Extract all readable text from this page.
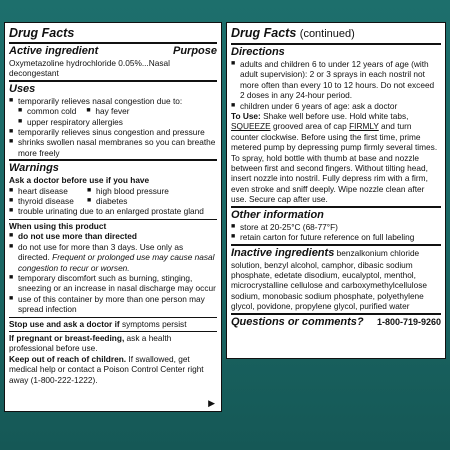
Drug Facts
Active ingredient	Purpose
Oxymetazoline hydrochloride 0.05%...Nasal decongestant
Uses
■ temporarily relieves nasal congestion due to:
■ common cold	■ hay fever
■ upper respiratory allergies
■ temporarily relieves sinus congestion and pressure
■ shrinks swollen nasal membranes so you can breathe more freely
Warnings
Ask a doctor before use if you have
■ heart disease	■ high blood pressure
■ thyroid disease	■ diabetes
■ trouble urinating due to an enlarged prostate gland
When using this product
■ do not use more than directed
■ do not use for more than 3 days. Use only as directed. Frequent or prolonged use may cause nasal congestion to recur or worsen.
■ temporary discomfort such as burning, stinging, sneezing or an increase in nasal discharge may occur
■ use of this container by more than one person may spread infection
Stop use and ask a doctor if symptoms persist
If pregnant or breast-feeding, ask a health professional before use.
Keep out of reach of children. If swallowed, get medical help or contact a Poison Control Center right away (1-800-222-1222).
▶
Drug Facts (continued)
Directions
■ adults and children 6 to under 12 years of age (with adult supervision): 2 or 3 sprays in each nostril not more often than every 10 to 12 hours. Do not exceed 2 doses in any 24-hour period.
■ children under 6 years of age: ask a doctor
To Use: Shake well before use. Hold white tabs, SQUEEZE grooved area of cap FIRMLY and turn counter clockwise. Before using the first time, prime metered pump by depressing pump firmly several times. To spray, hold bottle with thumb at base and nozzle between first and second fingers. Without tilting head, insert nozzle into nostril. Fully depress rim with a firm, even stroke and sniff deeply. Wipe nozzle clean after use. Secure cap after use.
Other information
■ store at 20-25°C (68-77°F)
■ retain carton for future reference on full labeling
Inactive ingredients benzalkonium chloride solution, benzyl alcohol, camphor, dibasic sodium phosphate, edetate disodium, eucalyptol, menthol, microcrystalline cellulose and carboxymethylcellulose sodium, monobasic sodium phosphate, polyethylene glycol, povidone, propylene glycol, purified water
Questions or comments? 1-800-719-9260
